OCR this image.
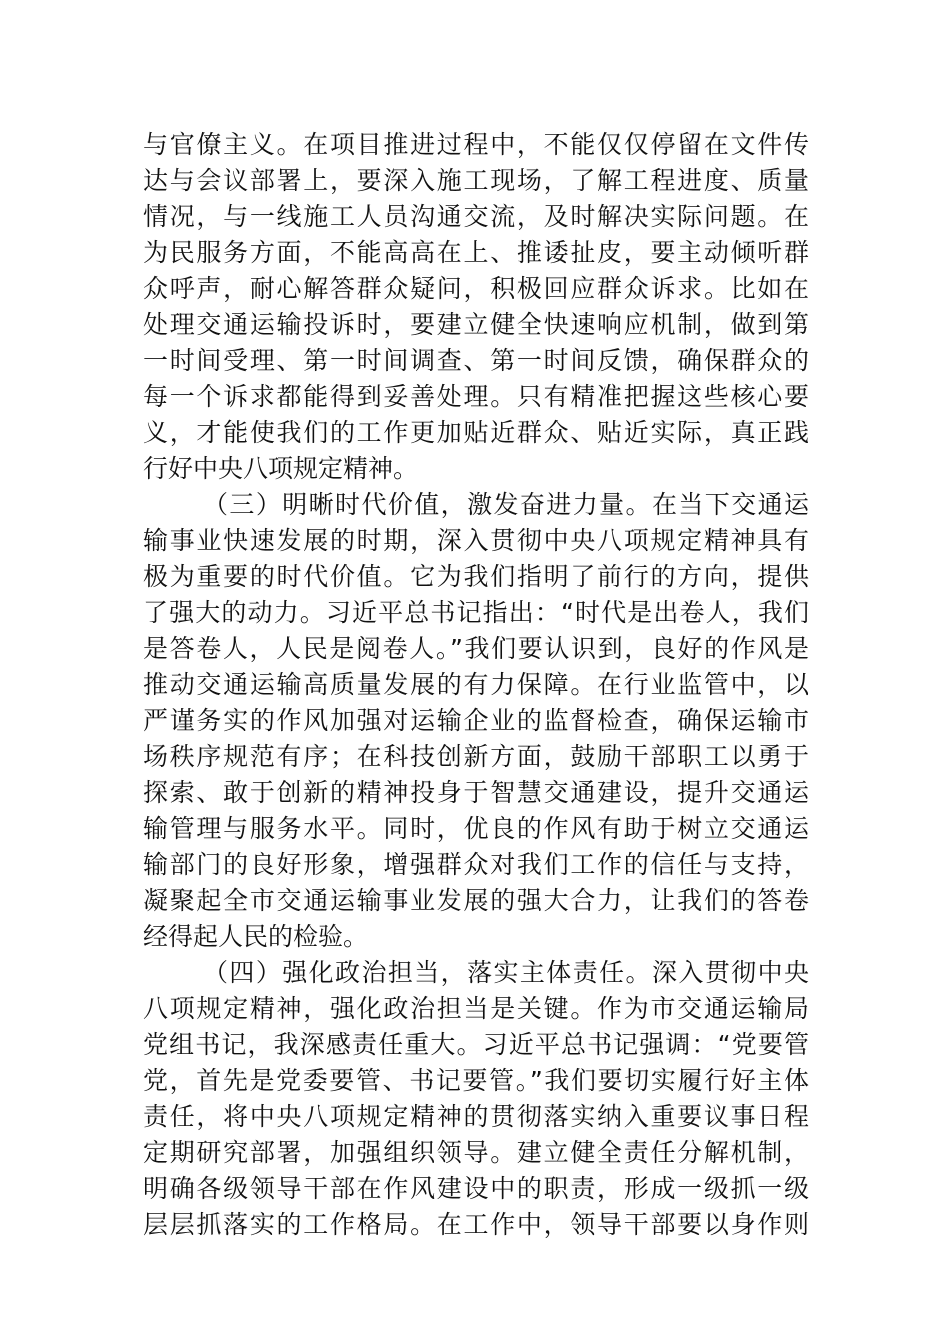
与官僚主义。在项目推进过程中，不能仅仅停留在文件传
达与会议部署上，要深入施工现场，了解工程进度、质量
情况，与一线施工人员沟通交流，及时解决实际问题。在
为民服务方面，不能高高在上、推诿扯皮，要主动倾听群
众呼声，耐心解答群众疑问，积极回应群众诉求。比如在
处理交通运输投诉时，要建立健全快速响应机制，做到第
一时间受理、第一时间调查、第一时间反馈，确保群众的
每一个诉求都能得到妥善处理。只有精准把握这些核心要
义，才能使我们的工作更加贴近群众、贴近实际，真正践
行好中央八项规定精神。
（三）明晰时代价值，激发奋进力量。在当下交通运
输事业快速发展的时期，深入贯彻中央八项规定精神具有
极为重要的时代价值。它为我们指明了前行的方向，提供
了强大的动力。习近平总书记指出：“时代是出卷人，我们
是答卷人，人民是阅卷人。”我们要认识到，良好的作风是
推动交通运输高质量发展的有力保障。在行业监管中，以
严谨务实的作风加强对运输企业的监督检查，确保运输市
场秩序规范有序；在科技创新方面，鼓励干部职工以勇于
探索、敢于创新的精神投身于智慧交通建设，提升交通运
输管理与服务水平。同时，优良的作风有助于树立交通运
输部门的良好形象，增强群众对我们工作的信任与支持，
凝聚起全市交通运输事业发展的强大合力，让我们的答卷
经得起人民的检验。
（四）强化政治担当，落实主体责任。深入贯彻中央
八项规定精神，强化政治担当是关键。作为市交通运输局
党组书记，我深感责任重大。习近平总书记强调：“党要管
党，首先是党委要管、书记要管。”我们要切实履行好主体
责任，将中央八项规定精神的贯彻落实纳入重要议事日程
定期研究部署，加强组织领导。建立健全责任分解机制，
明确各级领导干部在作风建设中的职责，形成一级抓一级
层层抓落实的工作格局。在工作中，领导干部要以身作则
